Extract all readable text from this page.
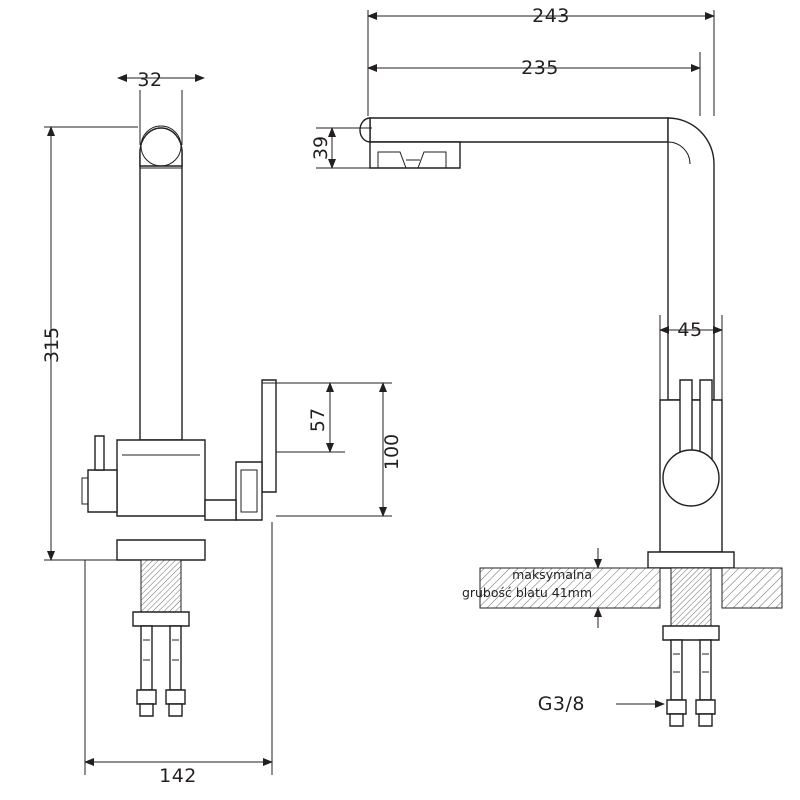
32
315
142
57
100
243
235
39
45
G3/8
maksymalna
grubość blatu 41mm
